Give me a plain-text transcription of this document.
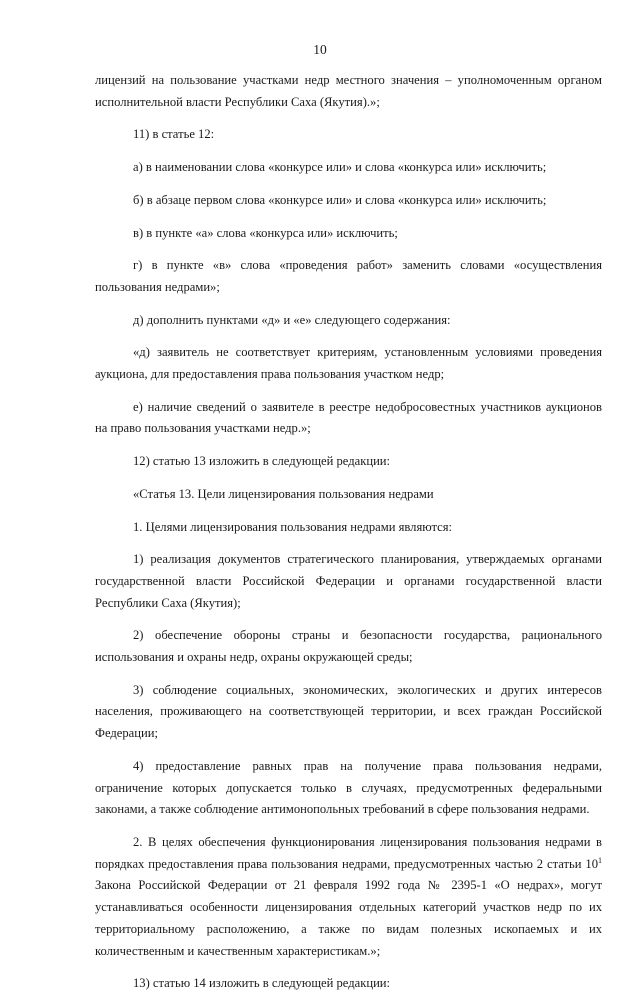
10

лицензий на пользование участками недр местного значения – уполномоченным органом исполнительной власти Республики Саха (Якутия).»;

11) в статье 12:

а) в наименовании слова «конкурсе или» и слова «конкурса или» исключить;

б) в абзаце первом слова «конкурсе или» и слова «конкурса или» исключить;

в) в пункте «а» слова «конкурса или» исключить;

г) в пункте «в» слова «проведения работ» заменить словами «осуществления пользования недрами»;

д) дополнить пунктами «д» и «е» следующего содержания:

«д) заявитель не соответствует критериям, установленным условиями проведения аукциона, для предоставления права пользования участком недр;

е) наличие сведений о заявителе в реестре недобросовестных участников аукционов на право пользования участками недр.»;

12) статью 13 изложить в следующей редакции:

«Статья 13. Цели лицензирования пользования недрами

1. Целями лицензирования пользования недрами являются:

1) реализация документов стратегического планирования, утверждаемых органами государственной власти Российской Федерации и органами государственной власти Республики Саха (Якутия);

2) обеспечение обороны страны и безопасности государства, рационального использования и охраны недр, охраны окружающей среды;

3) соблюдение социальных, экономических, экологических и других интересов населения, проживающего на соответствующей территории, и всех граждан Российской Федерации;

4) предоставление равных прав на получение права пользования недрами, ограничение которых допускается только в случаях, предусмотренных федеральными законами, а также соблюдение антимонопольных требований в сфере пользования недрами.

2. В целях обеспечения функционирования лицензирования пользования недрами в порядках предоставления права пользования недрами, предусмотренных частью 2 статьи $10^1$ Закона Российской Федерации от 21 февраля 1992 года № 2395-1 «О недрах», могут устанавливаться особенности лицензирования отдельных категорий участков недр по их территориальному расположению, а также по видам полезных ископаемых и их количественным и качественным характеристикам.»;

13) статью 14 изложить в следующей редакции:
